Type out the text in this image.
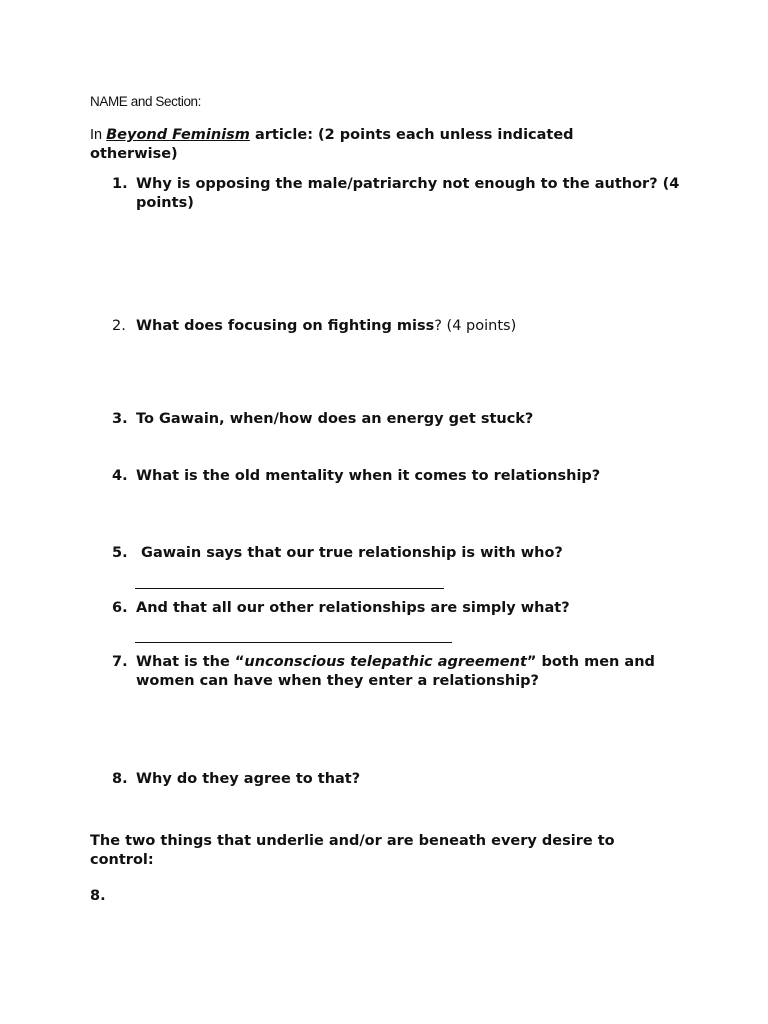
NAME and Section:
In Beyond Feminism article: (2 points each unless indicated otherwise)
1. Why is opposing the male/patriarchy not enough to the author? (4 points)
2. What does focusing on fighting miss? (4 points)
3. To Gawain, when/how does an energy get stuck?
4. What is the old mentality when it comes to relationship?
5. Gawain says that our true relationship is with who?
6. And that all our other relationships are simply what?
7. What is the “unconscious telepathic agreement” both men and women can have when they enter a relationship?
8. Why do they agree to that?
The two things that underlie and/or are beneath every desire to control:
8.
